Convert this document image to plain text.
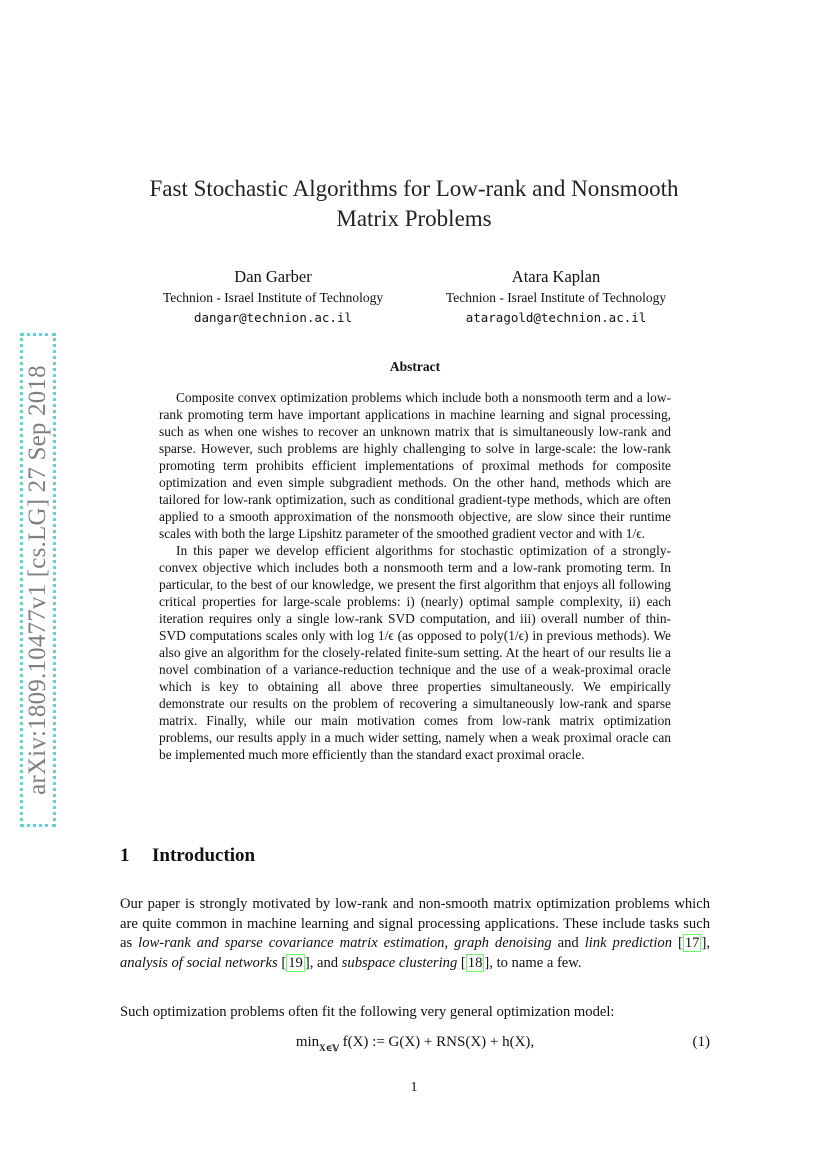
arXiv:1809.10477v1 [cs.LG] 27 Sep 2018
Fast Stochastic Algorithms for Low-rank and Nonsmooth Matrix Problems
Dan Garber
Technion - Israel Institute of Technology
dangar@technion.ac.il
Atara Kaplan
Technion - Israel Institute of Technology
ataragold@technion.ac.il
Abstract

Composite convex optimization problems which include both a nonsmooth term and a low-rank promoting term have important applications in machine learning and signal processing, such as when one wishes to recover an unknown matrix that is simultaneously low-rank and sparse. However, such problems are highly challenging to solve in large-scale: the low-rank promoting term prohibits efficient implementations of proximal methods for composite optimization and even simple subgradient methods. On the other hand, methods which are tailored for low-rank optimization, such as conditional gradient-type methods, which are often applied to a smooth approximation of the nonsmooth objective, are slow since their runtime scales with both the large Lipshitz parameter of the smoothed gradient vector and with 1/ϵ.

In this paper we develop efficient algorithms for stochastic optimization of a strongly-convex objective which includes both a nonsmooth term and a low-rank promoting term. In particular, to the best of our knowledge, we present the first algorithm that enjoys all following critical properties for large-scale problems: i) (nearly) optimal sample complexity, ii) each iteration requires only a single low-rank SVD computation, and iii) overall number of thin-SVD computations scales only with log 1/ϵ (as opposed to poly(1/ϵ) in previous methods). We also give an algorithm for the closely-related finite-sum setting. At the heart of our results lie a novel combination of a variance-reduction technique and the use of a weak-proximal oracle which is key to obtaining all above three properties simultaneously. We empirically demonstrate our results on the problem of recovering a simultaneously low-rank and sparse matrix. Finally, while our main motivation comes from low-rank matrix optimization problems, our results apply in a much wider setting, namely when a weak proximal oracle can be implemented much more efficiently than the standard exact proximal oracle.

1 Introduction

Our paper is strongly motivated by low-rank and non-smooth matrix optimization problems which are quite common in machine learning and signal processing applications. These include tasks such as low-rank and sparse covariance matrix estimation, graph denoising and link prediction [ 17 ], analysis of social networks [ 19 ], and subspace clustering [ 18 ], to name a few.

Such optimization problems often fit the following very general optimization model:

$\min_{X\in 𝕍} f(X)$ := G(X) + RNS(X) + h(X),	(1)
1
